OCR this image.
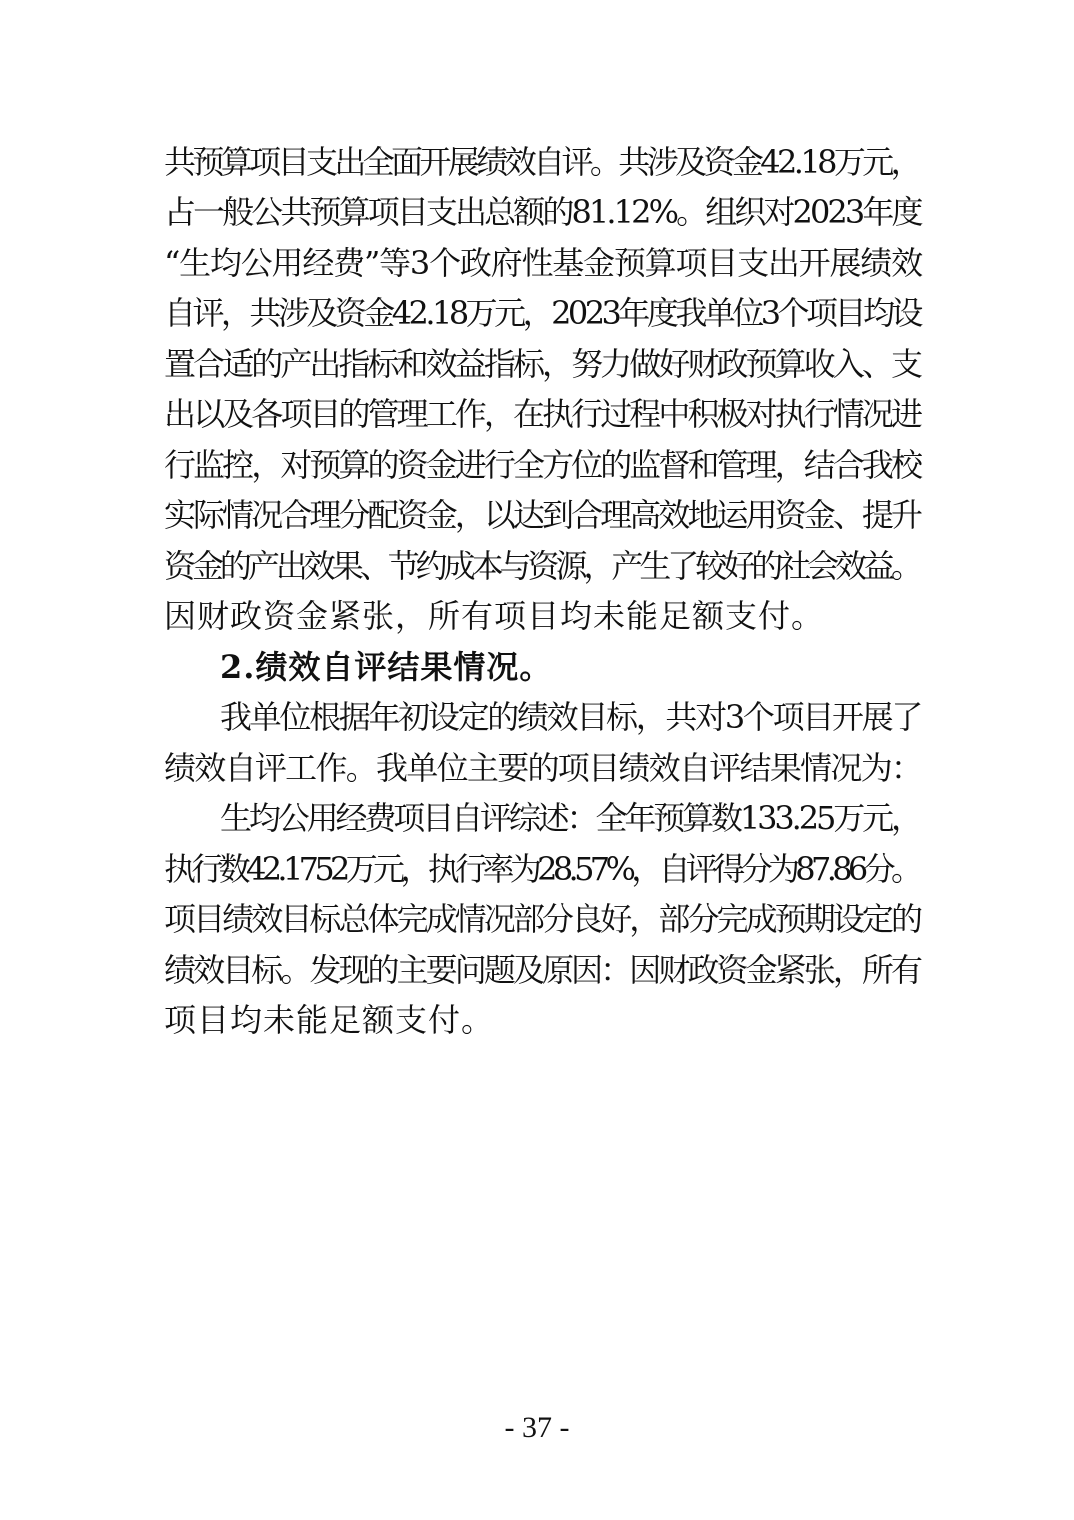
共预算项目支出全面开展绩效自评。共涉及资金42.18万元，
占一般公共预算项目支出总额的81.12%。组织对2023年度
“生均公用经费”等3个政府性基金预算项目支出开展绩效
自评，共涉及资金42.18万元，2023年度我单位3个项目均设
置合适的产出指标和效益指标，努力做好财政预算收入、支
出以及各项目的管理工作，在执行过程中积极对执行情况进
行监控，对预算的资金进行全方位的监督和管理，结合我校
实际情况合理分配资金，以达到合理高效地运用资金、提升
资金的产出效果、节约成本与资源，产生了较好的社会效益。
因财政资金紧张，所有项目均未能足额支付。
2.绩效自评结果情况。
我单位根据年初设定的绩效目标，共对3个项目开展了
绩效自评工作。我单位主要的项目绩效自评结果情况为：
生均公用经费项目自评综述：全年预算数133.25万元，
执行数42.1752万元，执行率为28.57%，自评得分为87.86分。
项目绩效目标总体完成情况部分良好，部分完成预期设定的
绩效目标。发现的主要问题及原因：因财政资金紧张，所有
项目均未能足额支付。
- 37 -
